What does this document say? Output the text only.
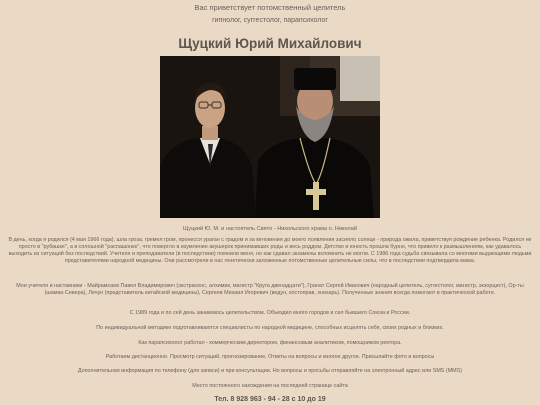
Вас приветствует потомственный целитель
гипнолог, суггестолог, парапсихолог
Щуцкий Юрий Михайлович
Щуцкий Ю. М. и настоятель Свято - Никольского храма о. Николай
В день, когда я родился (4 мая 1966 года), шла гроза, гремел гром, пронесся ураган с градом и за мгновения до моего появления засияло солнце - природа ожила, приветствуя рождение ребенка. Родился не просто в "рубашке", а в сплошной "распашонке", что повергло в изумление акушерок принимавших роды и весь роддом. Детство и юность прошла бурно, что привело к размышлениям, как удавалось выходить из ситуаций без последствий. Учителя и преподаватели (в последствии) помнили меня, но как сдавал экзамены вспомнить не могли. С 1986 года судьба связывала со многими выдающими людьми представителями народной медицины. Они рассмотрели в нас генетически заложенные потомственные целительные силы, что в последствии подтвердила мама.
Мои учителя и наставники - Майрамсаев Павел Владимирович (экстрасенс, алхимик, магистр "Круга двенадцати"), Гранат Сергей Иванович (народный целитель, суггестолог, магистр, экзорцист), Ор-ты (шаман Севера), Лечун (представитель китайской медицины), Сергеев Михаил Игоревич (ведун, костоправ, знахарь). Полученные знания всегда помогают в практической работе.
С 1989 года и по сей день занимаюсь целительством. Объездил много городов и сел бывшего Союза и России.
По индивидуальной методике подготавливаются специалисты по народной медицине, способных исцелять себя, своих родных и близких.
Как парапсихолог работал - коммерческим директором, финансовым аналитиком, помощником ректора.
Работаем дистанционно. Просмотр ситуаций, прогнозирование, Ответы на вопросы и многое другое. Присылайте фото и вопросы
Дополнительная информация по телефону (для записи) и при консультации. Но вопросы и просьбы отправляйте на электронный адрес или SMS (MMS)
Место постоянного нахождения на последней странице сайта
Тел. 8 928 963 - 94 - 28 с 10 до 19
